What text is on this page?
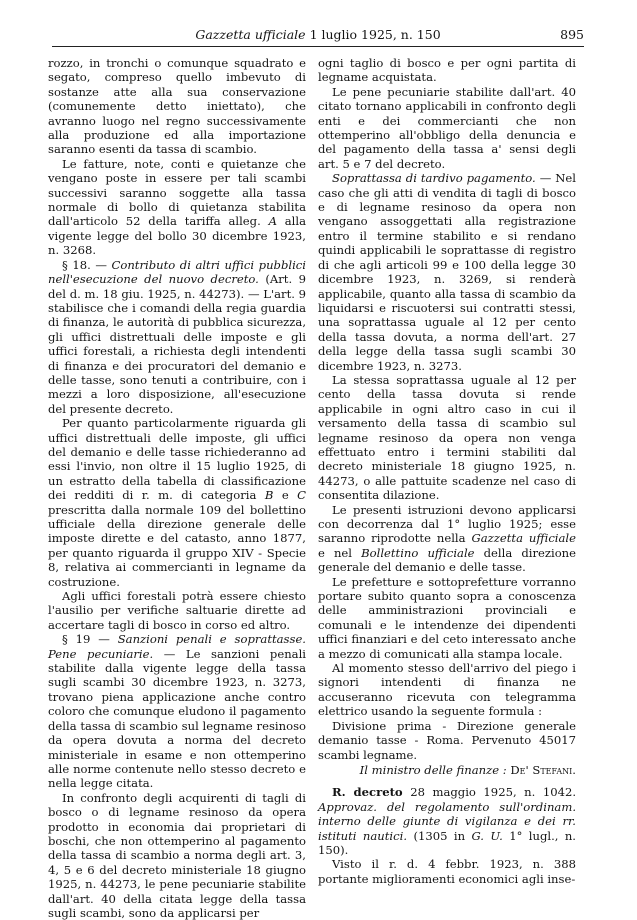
Gazzetta ufficiale 1 luglio 1925, n. 150	895

rozzo, in tronchi o comunque squadrato e segato, compreso quello imbevuto di sostanze atte alla sua conservazione (comunemente detto iniettato), che avranno luogo nel regno successivamente alla produzione ed alla importazione saranno esenti da tassa di scambio.

Le fatture, note, conti e quietanze che vengano poste in essere per tali scambi successivi saranno soggette alla tassa normale di bollo di quietanza stabilita dall'articolo 52 della tariffa alleg. A alla vigente legge del bollo 30 dicembre 1923, n. 3268.

§ 18. — Contributo di altri uffici pubblici nell'esecuzione del nuovo decreto. (Art. 9 del d. m. 18 giu. 1925, n. 44273). — L'art. 9 stabilisce che i comandi della regia guardia di finanza, le autorità di pubblica sicurezza, gli uffici distrettuali delle imposte e gli uffici forestali, a richiesta degli intendenti di finanza e dei procuratori del demanio e delle tasse, sono tenuti a contribuire, con i mezzi a loro disposizione, all'esecuzione del presente decreto.

Per quanto particolarmente riguarda gli uffici distrettuali delle imposte, gli uffici del demanio e delle tasse richiederanno ad essi l'invio, non oltre il 15 luglio 1925, di un estratto della tabella di classificazione dei redditi di r. m. di categoria B e C prescritta dalla normale 109 del bollettino ufficiale della direzione generale delle imposte dirette e del catasto, anno 1877, per quanto riguarda il gruppo XIV - Specie 8, relativa ai commercianti in legname da costruzione.

Agli uffici forestali potrà essere chiesto l'ausilio per verifiche saltuarie dirette ad accertare tagli di bosco in corso ed altro.

§ 19 — Sanzioni penali e soprattasse. Pene pecuniarie. — Le sanzioni penali stabilite dalla vigente legge della tassa sugli scambi 30 dicembre 1923, n. 3273, trovano piena applicazione anche contro coloro che comunque eludono il pagamento della tassa di scambio sul legname resinoso da opera dovuta a norma del decreto ministeriale in esame e non ottemperino alle norme contenute nello stesso decreto e nella legge citata.

In confronto degli acquirenti di tagli di bosco o di legname resinoso da opera prodotto in economia dai proprietari di boschi, che non ottemperino al pagamento della tassa di scambio a norma degli art. 3, 4, 5 e 6 del decreto ministeriale 18 giugno 1925, n. 44273, le pene pecuniarie stabilite dall'art. 40 della citata legge della tassa sugli scambi, sono da applicarsi per

ogni taglio di bosco e per ogni partita di legname acquistata.

Le pene pecuniarie stabilite dall'art. 40 citato tornano applicabili in confronto degli enti e dei commercianti che non ottemperino all'obbligo della denuncia e del pagamento della tassa a' sensi degli art. 5 e 7 del decreto.

Soprattassa di tardivo pagamento. — Nel caso che gli atti di vendita di tagli di bosco e di legname resinoso da opera non vengano assoggettati alla registrazione entro il termine stabilito e si rendano quindi applicabili le soprattasse di registro di che agli articoli 99 e 100 della legge 30 dicembre 1923, n. 3269, si renderà applicabile, quanto alla tassa di scambio da liquidarsi e riscuotersi sui contratti stessi, una soprattassa uguale al 12 per cento della tassa dovuta, a norma dell'art. 27 della legge della tassa sugli scambi 30 dicembre 1923, n. 3273.

La stessa soprattassa uguale al 12 per cento della tassa dovuta si rende applicabile in ogni altro caso in cui il versamento della tassa di scambio sul legname resinoso da opera non venga effettuato entro i termini stabiliti dal decreto ministeriale 18 giugno 1925, n. 44273, o alle pattuite scadenze nel caso di consentita dilazione.

Le presenti istruzioni devono applicarsi con decorrenza dal 1° luglio 1925; esse saranno riprodotte nella Gazzetta ufficiale e nel Bollettino ufficiale della direzione generale del demanio e delle tasse.

Le prefetture e sottoprefetture vorranno portare subito quanto sopra a conoscenza delle amministrazioni provinciali e comunali e le intendenze dei dipendenti uffici finanziari e del ceto interessato anche a mezzo di comunicati alla stampa locale.

Al momento stesso dell'arrivo del piego i signori intendenti di finanza ne accuseranno ricevuta con telegramma elettrico usando la seguente formula :

Divisione prima - Direzione generale demanio tasse - Roma. Pervenuto 45017 scambi legname.

Il ministro delle finanze : De' Stefani.

R. decreto 28 maggio 1925, n. 1042. Approvaz. del regolamento sull'ordinam. interno delle giunte di vigilanza e dei rr. istituti nautici. (1305 in G. U. 1° lugl., n. 150).

Visto il r. d. 4 febbr. 1923, n. 388 portante miglioramenti economici agli inse-
